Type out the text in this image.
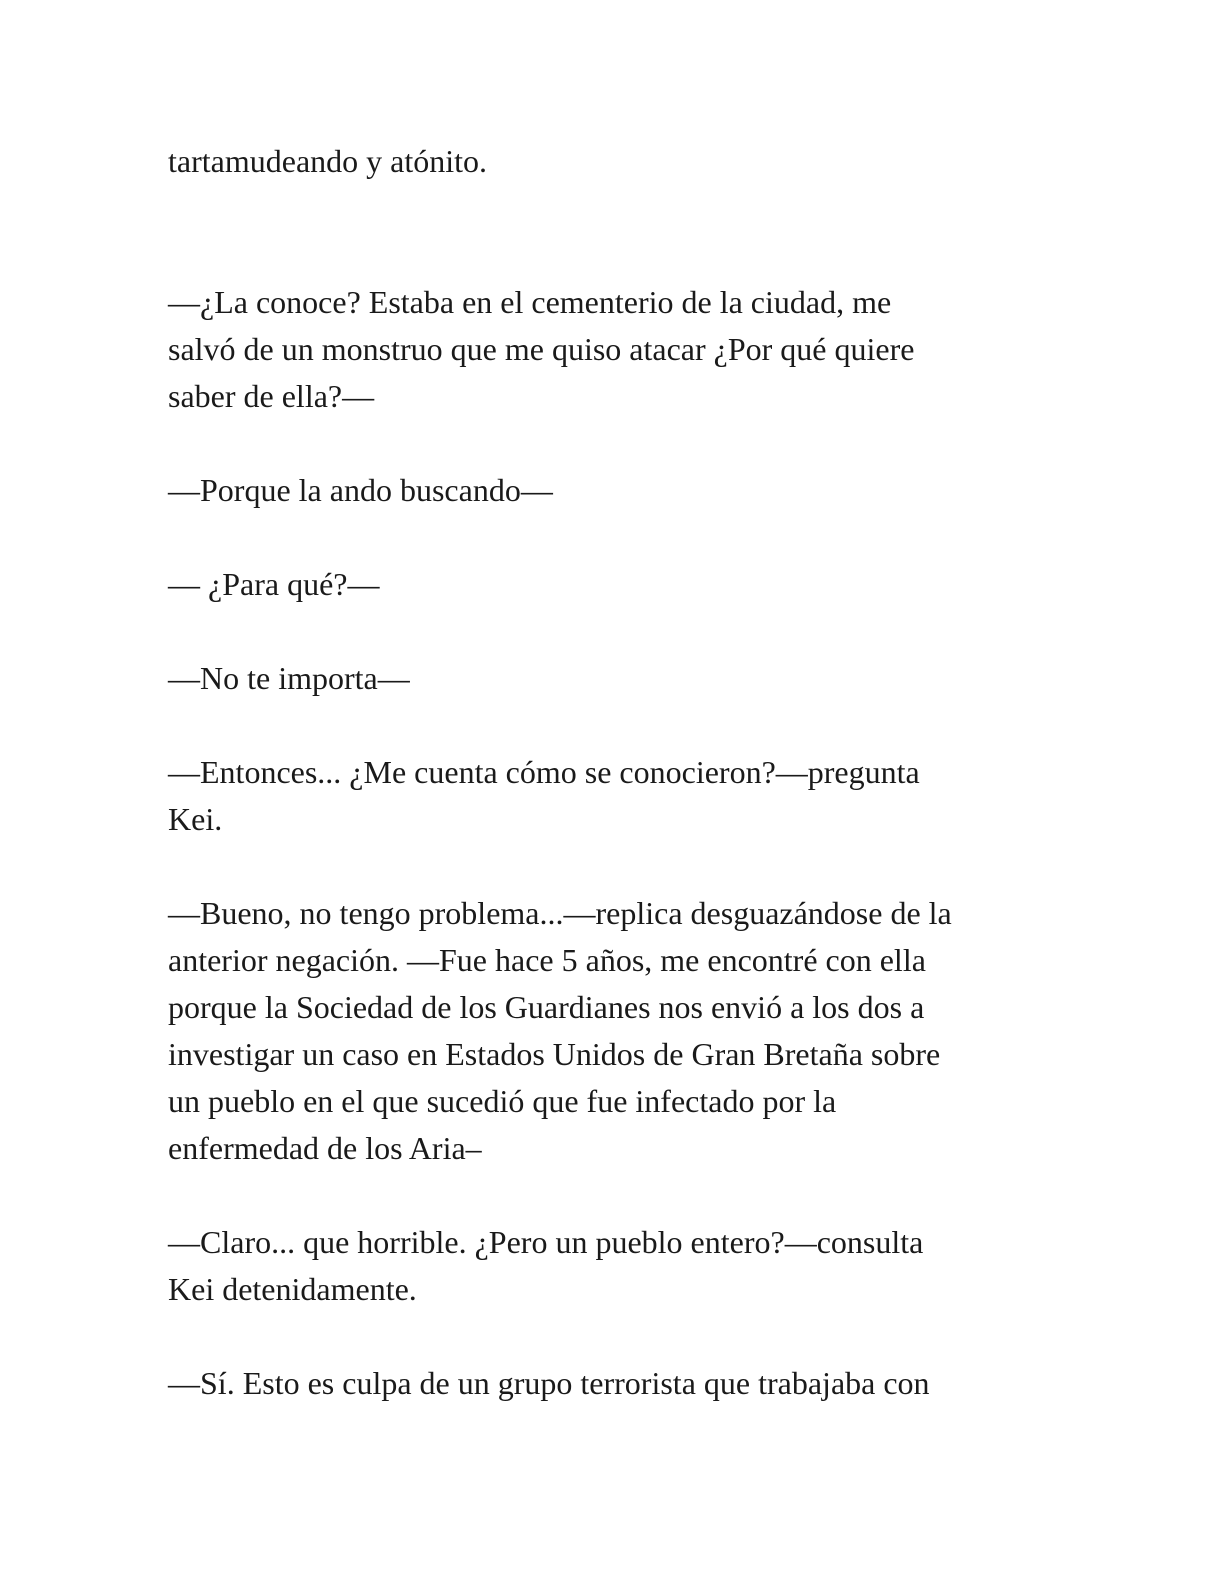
tartamudeando y atónito.

—¿La conoce? Estaba en el cementerio de la ciudad, me
salvó de un monstruo que me quiso atacar ¿Por qué quiere
saber de ella?—

—Porque la ando buscando—

— ¿Para qué?—

—No te importa—

—Entonces... ¿Me cuenta cómo se conocieron?—pregunta
Kei.

—Bueno, no tengo problema...—replica desguazándose de la
anterior negación. —Fue hace 5 años, me encontré con ella
porque la Sociedad de los Guardianes nos envió a los dos a
investigar un caso en Estados Unidos de Gran Bretaña sobre
un pueblo en el que sucedió que fue infectado por la
enfermedad de los Aria–

—Claro... que horrible. ¿Pero un pueblo entero?—consulta
Kei detenidamente.

—Sí. Esto es culpa de un grupo terrorista que trabajaba con
